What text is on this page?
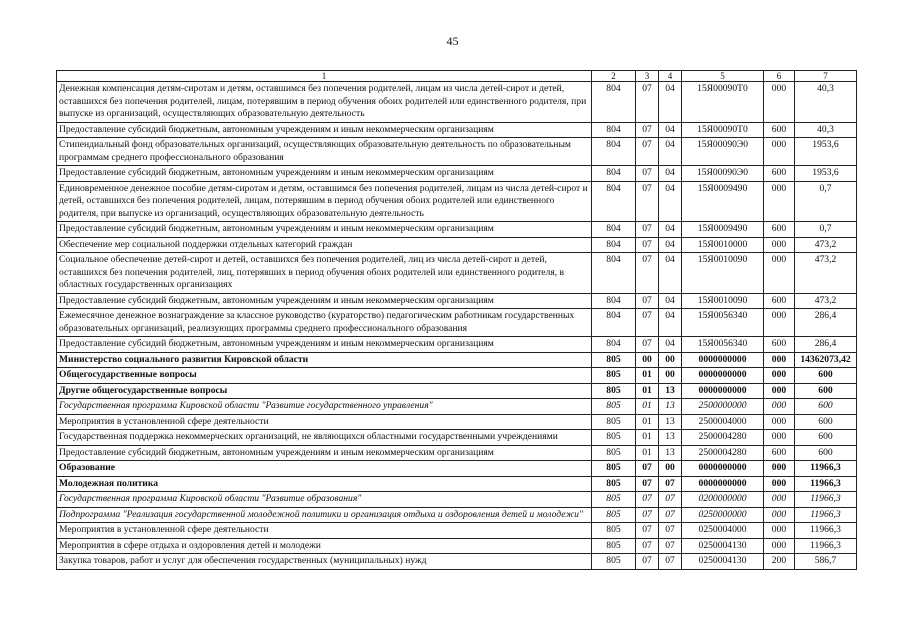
45
1	2	3	4	5	6	7
Денежная компенсация детям-сиротам и детям, оставшимся без попечения родителей, лицам из числа детей-сирот и детей, оставшихся без попечения родителей, лицам, потерявшим в период обучения обоих родителей или единственного родителя, при выпуске из организаций, осуществляющих образовательную деятельность	804	07	04	15Я00090Т0	000	40,3
Предоставление субсидий бюджетным, автономным учреждениям и иным некоммерческим организациям	804	07	04	15Я00090Т0	600	40,3
Стипендиальный фонд образовательных организаций, осуществляющих образовательную деятельность по образовательным программам среднего профессионального образования	804	07	04	15Я00090Э0	000	1953,6
Предоставление субсидий бюджетным, автономным учреждениям и иным некоммерческим организациям	804	07	04	15Я00090Э0	600	1953,6
Единовременное денежное пособие детям-сиротам и детям, оставшимся без попечения родителей, лицам из числа детей-сирот и детей, оставшихся без попечения родителей, лицам, потерявшим в период обучения обоих родителей или единственного родителя, при выпуске из организаций, осуществляющих образовательную деятельность	804	07	04	15Я0009490	000	0,7
Предоставление субсидий бюджетным, автономным учреждениям и иным некоммерческим организациям	804	07	04	15Я0009490	600	0,7
Обеспечение мер социальной поддержки отдельных категорий граждан	804	07	04	15Я0010000	000	473,2
Социальное обеспечение детей-сирот и детей, оставшихся без попечения родителей, лиц из числа детей-сирот и детей, оставшихся без попечения родителей, лиц, потерявших в период обучения обоих родителей или единственного родителя, в областных государственных организациях	804	07	04	15Я0010090	000	473,2
Предоставление субсидий бюджетным, автономным учреждениям и иным некоммерческим организациям	804	07	04	15Я0010090	600	473,2
Ежемесячное денежное вознаграждение за классное руководство (кураторство) педагогическим работникам государственных образовательных организаций, реализующих программы среднего профессионального образования	804	07	04	15Я0056340	000	286,4
Предоставление субсидий бюджетным, автономным учреждениям и иным некоммерческим организациям	804	07	04	15Я0056340	600	286,4
Министерство социального развития Кировской области	805	00	00	0000000000	000	14362073,42
Общегосударственные вопросы	805	01	00	0000000000	000	600
Другие общегосударственные вопросы	805	01	13	0000000000	000	600
Государственная программа Кировской области "Развитие государственного управления"	805	01	13	2500000000	000	600
Мероприятия в установленной сфере деятельности	805	01	13	2500004000	000	600
Государственная поддержка некоммерческих организаций, не являющихся областными государственными учреждениями	805	01	13	2500004280	000	600
Предоставление субсидий бюджетным, автономным учреждениям и иным некоммерческим организациям	805	01	13	2500004280	600	600
Образование	805	07	00	0000000000	000	11966,3
Молодежная политика	805	07	07	0000000000	000	11966,3
Государственная программа Кировской области "Развитие образования"	805	07	07	0200000000	000	11966,3
Подпрограмма "Реализация государственной молодежной политики и организация отдыха и оздоровления детей и молодежи"	805	07	07	0250000000	000	11966,3
Мероприятия в установленной сфере деятельности	805	07	07	0250004000	000	11966,3
Мероприятия в сфере отдыха и оздоровления детей и молодежи	805	07	07	0250004130	000	11966,3
Закупка товаров, работ и услуг для обеспечения государственных (муниципальных) нужд	805	07	07	0250004130	200	586,7
